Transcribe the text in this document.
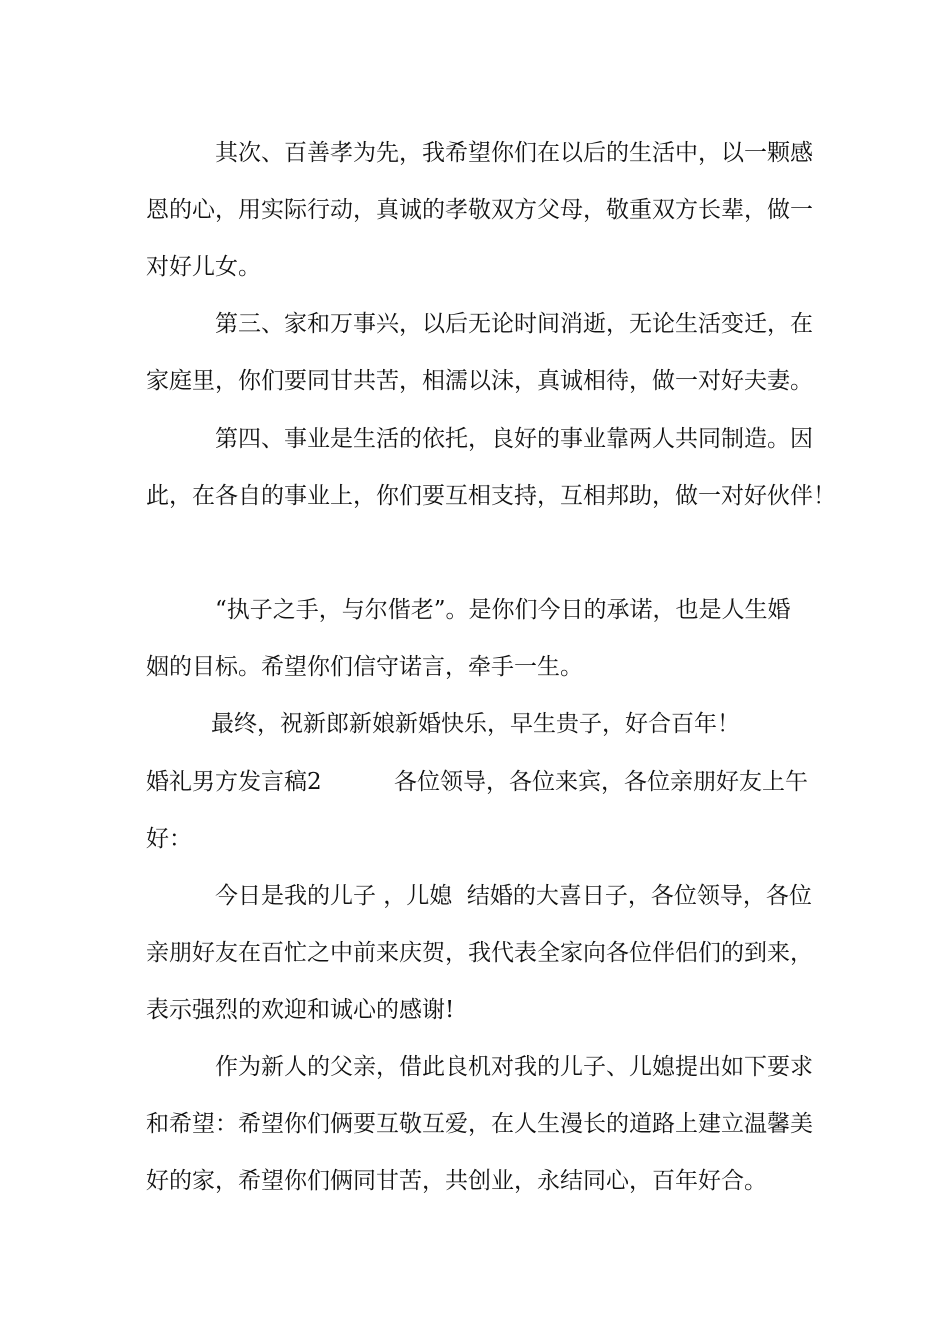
其次、百善孝为先，我希望你们在以后的生活中，以一颗感
恩的心，用实际行动，真诚的孝敬双方父母，敬重双方长辈，做一
对好儿女。
第三、家和万事兴，以后无论时间消逝，无论生活变迁，在
家庭里，你们要同甘共苦，相濡以沫，真诚相待，做一对好夫妻。
第四、事业是生活的依托，良好的事业靠两人共同制造。因
此，在各自的事业上，你们要互相支持，互相邦助，做一对好伙伴！
“执子之手，与尔偕老”。是你们今日的承诺，也是人生婚
姻的目标。希望你们信守诺言，牵手一生。
最终，祝新郎新娘新婚快乐，早生贵子，好合百年！
婚礼男方发言稿2	各位领导，各位来宾，各位亲朋好友上午
好：
今日是我的儿子 ，儿媳  结婚的大喜日子，各位领导，各位
亲朋好友在百忙之中前来庆贺，我代表全家向各位伴侣们的到来，
表示强烈的欢迎和诚心的感谢!
作为新人的父亲，借此良机对我的儿子、儿媳提出如下要求
和希望：希望你们俩要互敬互爱，在人生漫长的道路上建立温馨美
好的家，希望你们俩同甘苦，共创业，永结同心，百年好合。
